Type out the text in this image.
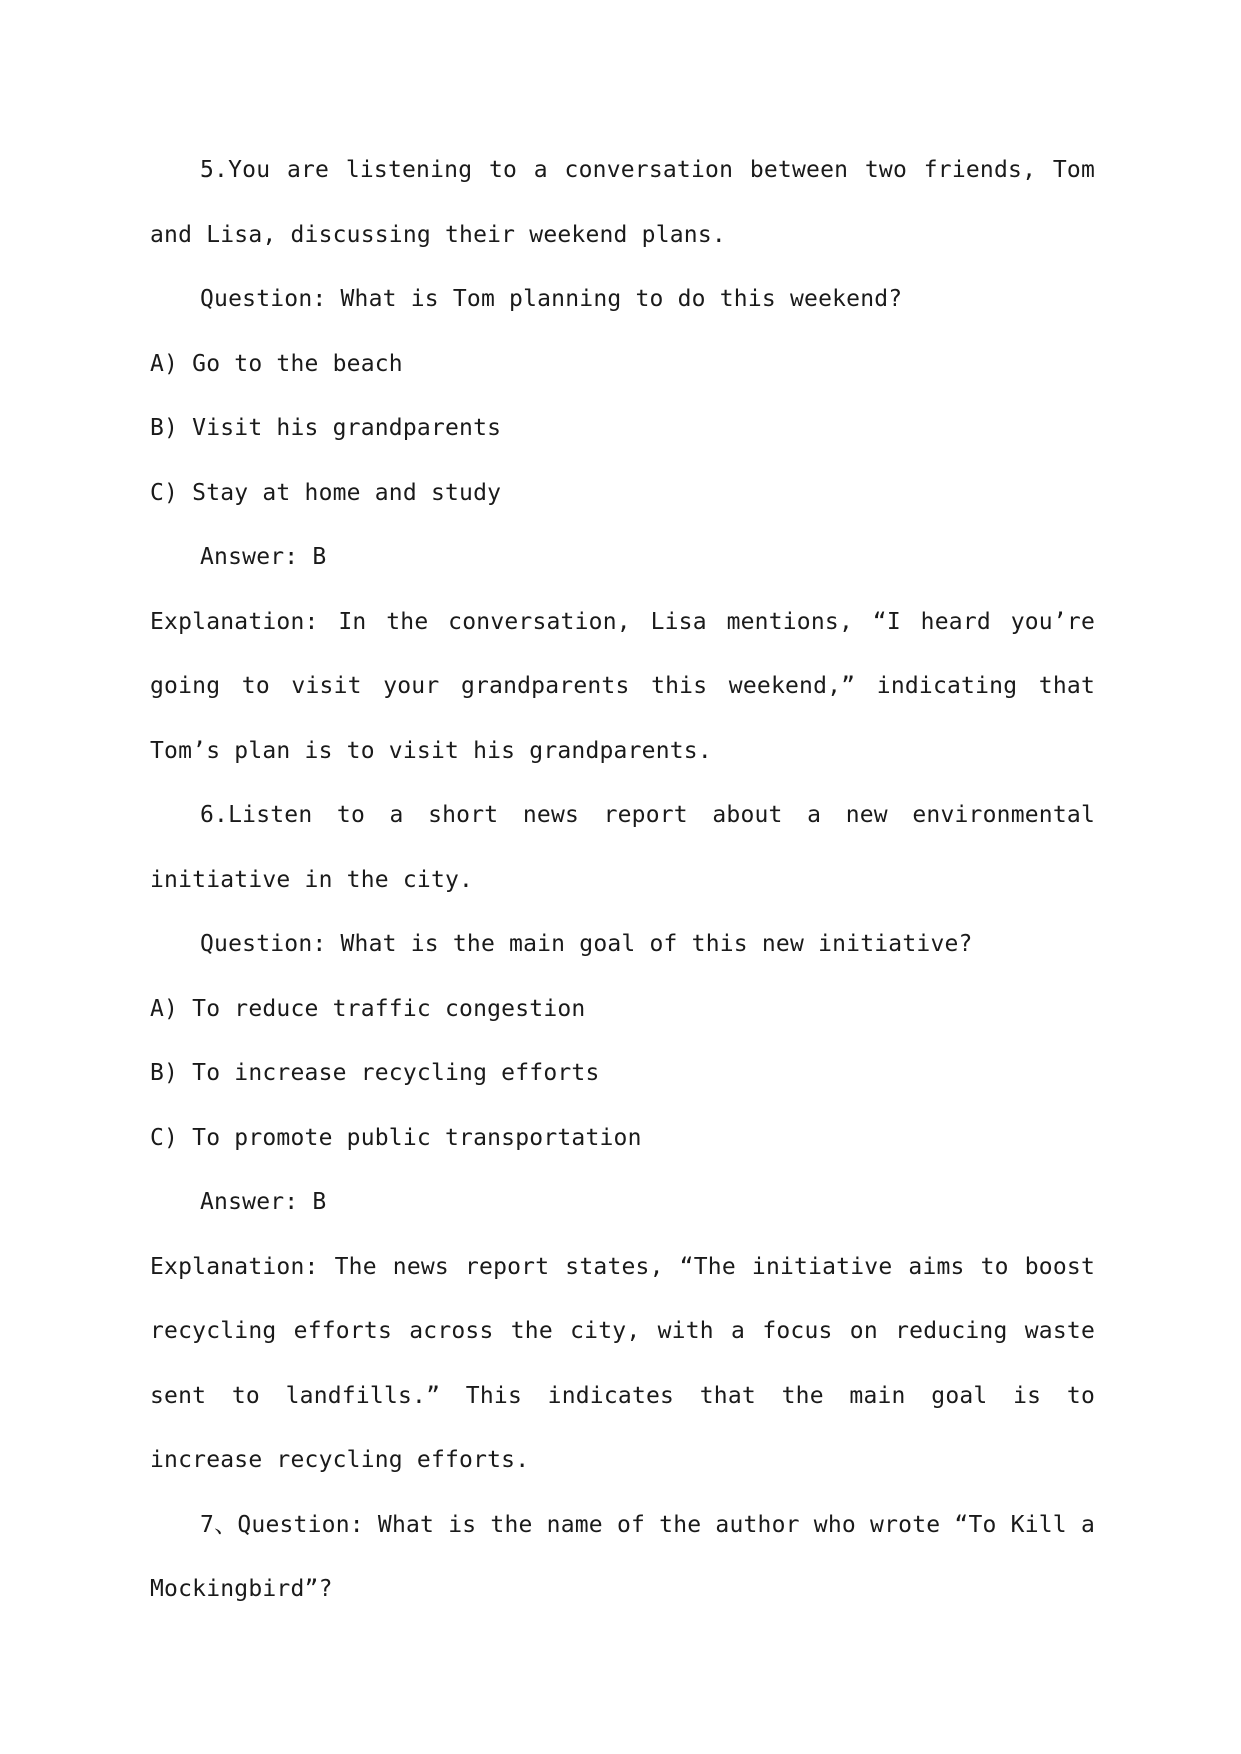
5.You are listening to a conversation between two friends, Tom and Lisa, discussing their weekend plans.

Question: What is Tom planning to do this weekend?

A) Go to the beach

B) Visit his grandparents

C) Stay at home and study

Answer: B

Explanation: In the conversation, Lisa mentions, “I heard you’re going to visit your grandparents this weekend,” indicating that Tom’s plan is to visit his grandparents.

6.Listen to a short news report about a new environmental initiative in the city.

Question: What is the main goal of this new initiative?

A) To reduce traffic congestion

B) To increase recycling efforts

C) To promote public transportation

Answer: B

Explanation: The news report states, “The initiative aims to boost recycling efforts across the city, with a focus on reducing waste sent to landfills.” This indicates that the main goal is to increase recycling efforts.

7、Question: What is the name of the author who wrote “To Kill a Mockingbird”?
